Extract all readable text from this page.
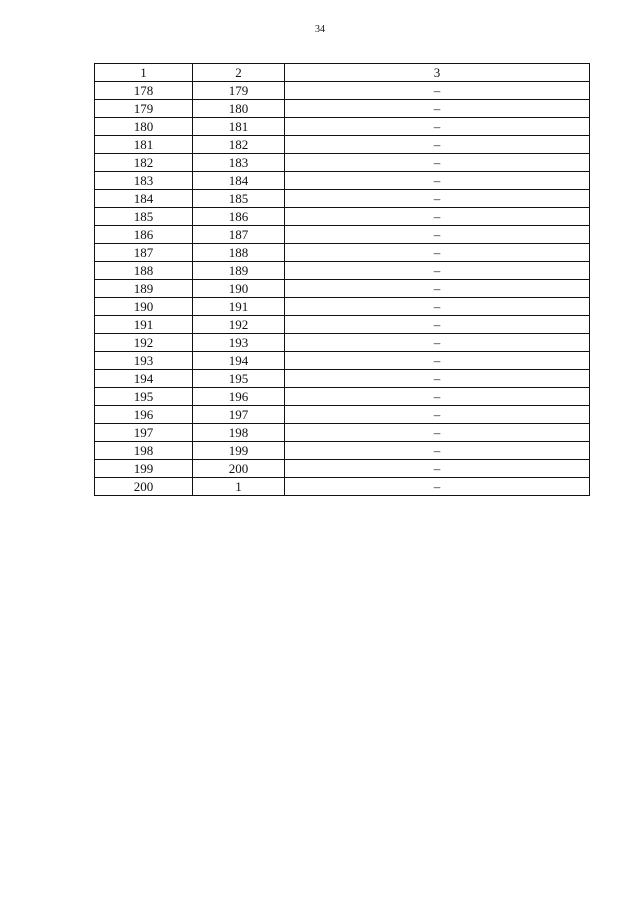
34
1	2	3
178	179	–
179	180	–
180	181	–
181	182	–
182	183	–
183	184	–
184	185	–
185	186	–
186	187	–
187	188	–
188	189	–
189	190	–
190	191	–
191	192	–
192	193	–
193	194	–
194	195	–
195	196	–
196	197	–
197	198	–
198	199	–
199	200	–
200	1	–
